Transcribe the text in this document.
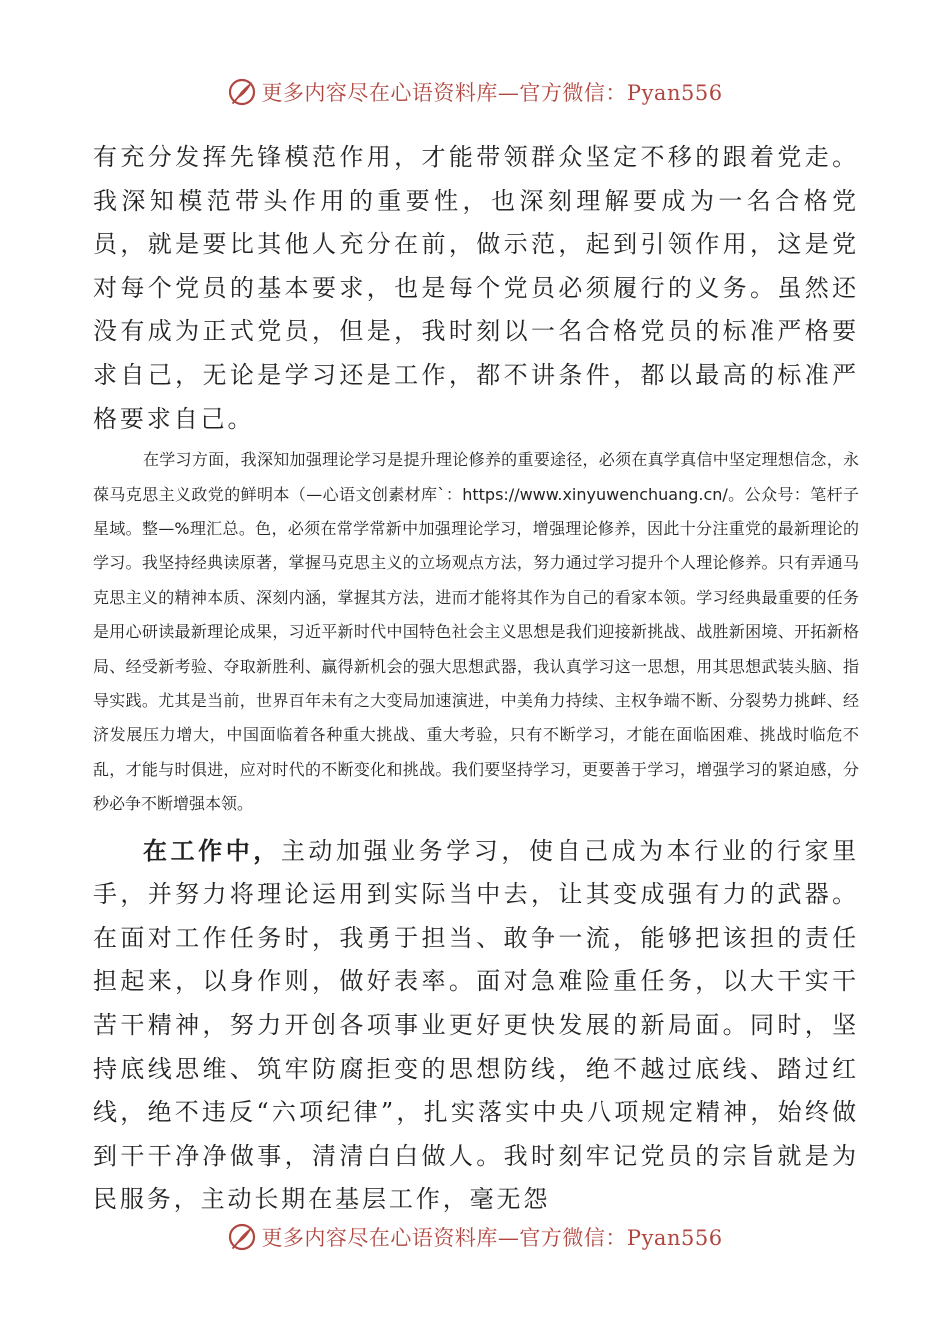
更多内容尽在心语资料库—官方微信：Pyan556

有充分发挥先锋模范作用，才能带领群众坚定不移的跟着党走。我深知模范带头作用的重要性，也深刻理解要成为一名合格党员，就是要比其他人充分在前，做示范，起到引领作用，这是党对每个党员的基本要求，也是每个党员必须履行的义务。虽然还没有成为正式党员，但是，我时刻以一名合格党员的标准严格要求自己，无论是学习还是工作，都不讲条件，都以最高的标准严格要求自己。

在学习方面，我深知加强理论学习是提升理论修养的重要途径，必须在真学真信中坚定理想信念，永葆马克思主义政党的鲜明本（—心语文创素材库`：https://www.xinyuwenchuang.cn/。公众号：笔杆子星域。整—%理汇总。色，必须在常学常新中加强理论学习，增强理论修养，因此十分注重党的最新理论的学习。我坚持经典读原著，掌握马克思主义的立场观点方法，努力通过学习提升个人理论修养。只有弄通马克思主义的精神本质、深刻内涵，掌握其方法，进而才能将其作为自己的看家本领。学习经典最重要的任务是用心研读最新理论成果，习近平新时代中国特色社会主义思想是我们迎接新挑战、战胜新困境、开拓新格局、经受新考验、夺取新胜利、赢得新机会的强大思想武器，我认真学习这一思想，用其思想武装头脑、指导实践。尤其是当前，世界百年未有之大变局加速演进，中美角力持续、主权争端不断、分裂势力挑衅、经济发展压力增大，中国面临着各种重大挑战、重大考验，只有不断学习，才能在面临困难、挑战时临危不乱，才能与时俱进，应对时代的不断变化和挑战。我们要坚持学习，更要善于学习，增强学习的紧迫感，分秒必争不断增强本领。

在工作中，主动加强业务学习，使自己成为本行业的行家里手，并努力将理论运用到实际当中去，让其变成强有力的武器。在面对工作任务时，我勇于担当、敢争一流，能够把该担的责任担起来，以身作则，做好表率。面对急难险重任务，以大干实干苦干精神，努力开创各项事业更好更快发展的新局面。同时，坚持底线思维、筑牢防腐拒变的思想防线，绝不越过底线、踏过红线，绝不违反“六项纪律”，扎实落实中央八项规定精神，始终做到干干净净做事，清清白白做人。我时刻牢记党员的宗旨就是为民服务，主动长期在基层工作，毫无怨

更多内容尽在心语资料库—官方微信：Pyan556
